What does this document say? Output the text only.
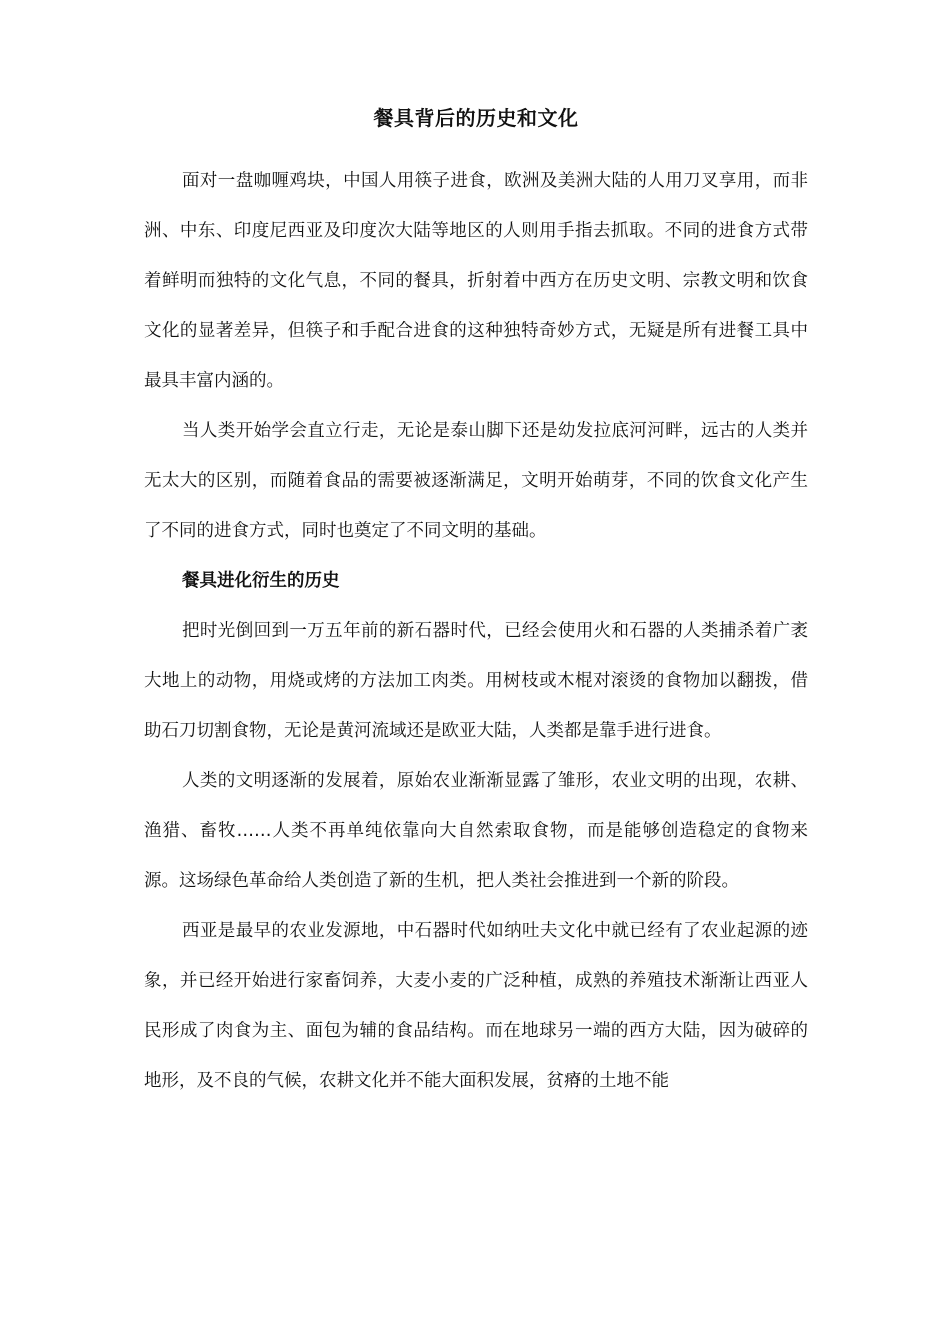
餐具背后的历史和文化

面对一盘咖喱鸡块，中国人用筷子进食，欧洲及美洲大陆的人用刀叉享用，而非洲、中东、印度尼西亚及印度次大陆等地区的人则用手指去抓取。不同的进食方式带着鲜明而独特的文化气息，不同的餐具，折射着中西方在历史文明、宗教文明和饮食文化的显著差异，但筷子和手配合进食的这种独特奇妙方式，无疑是所有进餐工具中最具丰富内涵的。

当人类开始学会直立行走，无论是泰山脚下还是幼发拉底河河畔，远古的人类并无太大的区别，而随着食品的需要被逐渐满足，文明开始萌芽，不同的饮食文化产生了不同的进食方式，同时也奠定了不同文明的基础。

餐具进化衍生的历史

把时光倒回到一万五年前的新石器时代，已经会使用火和石器的人类捕杀着广袤大地上的动物，用烧或烤的方法加工肉类。用树枝或木棍对滚烫的食物加以翻拨，借助石刀切割食物，无论是黄河流域还是欧亚大陆，人类都是靠手进行进食。

人类的文明逐渐的发展着，原始农业渐渐显露了雏形，农业文明的出现，农耕、渔猎、畜牧……人类不再单纯依靠向大自然索取食物，而是能够创造稳定的食物来源。这场绿色革命给人类创造了新的生机，把人类社会推进到一个新的阶段。

西亚是最早的农业发源地，中石器时代如纳吐夫文化中就已经有了农业起源的迹象，并已经开始进行家畜饲养，大麦小麦的广泛种植，成熟的养殖技术渐渐让西亚人民形成了肉食为主、面包为辅的食品结构。而在地球另一端的西方大陆，因为破碎的地形，及不良的气候，农耕文化并不能大面积发展，贫瘠的土地不能
